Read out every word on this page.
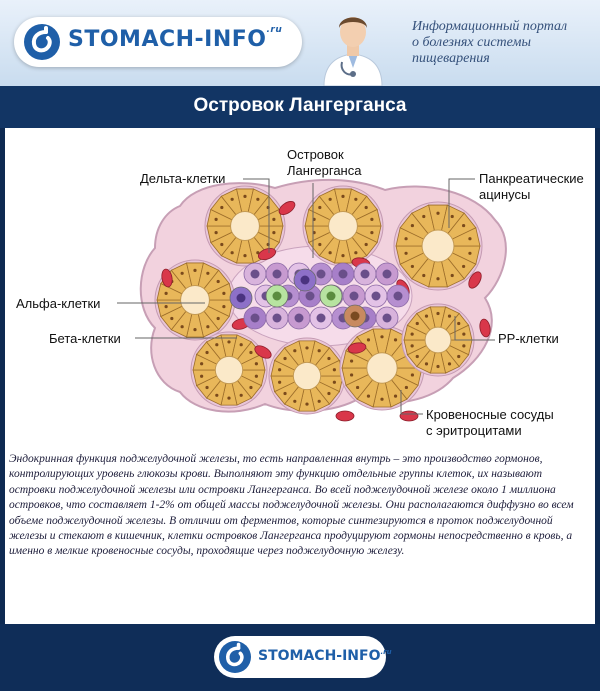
STOMACH-$INFO^{.ru}$	Информационный портал
о болезнях системы
пищеварения
Островок Лангерганса
Дельта-клетки
Островок
Лангерганса
Панкреатические
ацинусы
Альфа-клетки
Бета-клетки	PP-клетки
Кровеносные сосуды
с эритроцитами
Эндокринная функция поджелудочной железы, то есть направленная внутрь – это производство гормонов, контролирующих уровень глюкозы крови. Выполняют эту функцию отдельные группы клеток, их называют островки поджелудочной железы или островки Лангерганса. Во всей поджелудочной железе около 1 миллиона островков, что составляет 1-2% от общей массы поджелудочной железы. Они располагаются диффузно во всем объеме поджелудочной железы. В отличии от ферментов, которые синтезируются в проток поджелудочной железы и стекают в кишечник, клетки островков Лангерганса продуцируют гормоны непосредственно в кровь, а именно в мелкие кровеносные сосуды, проходящие через поджелудочную железу.
STOMACH-$INFO^{.ru}$
